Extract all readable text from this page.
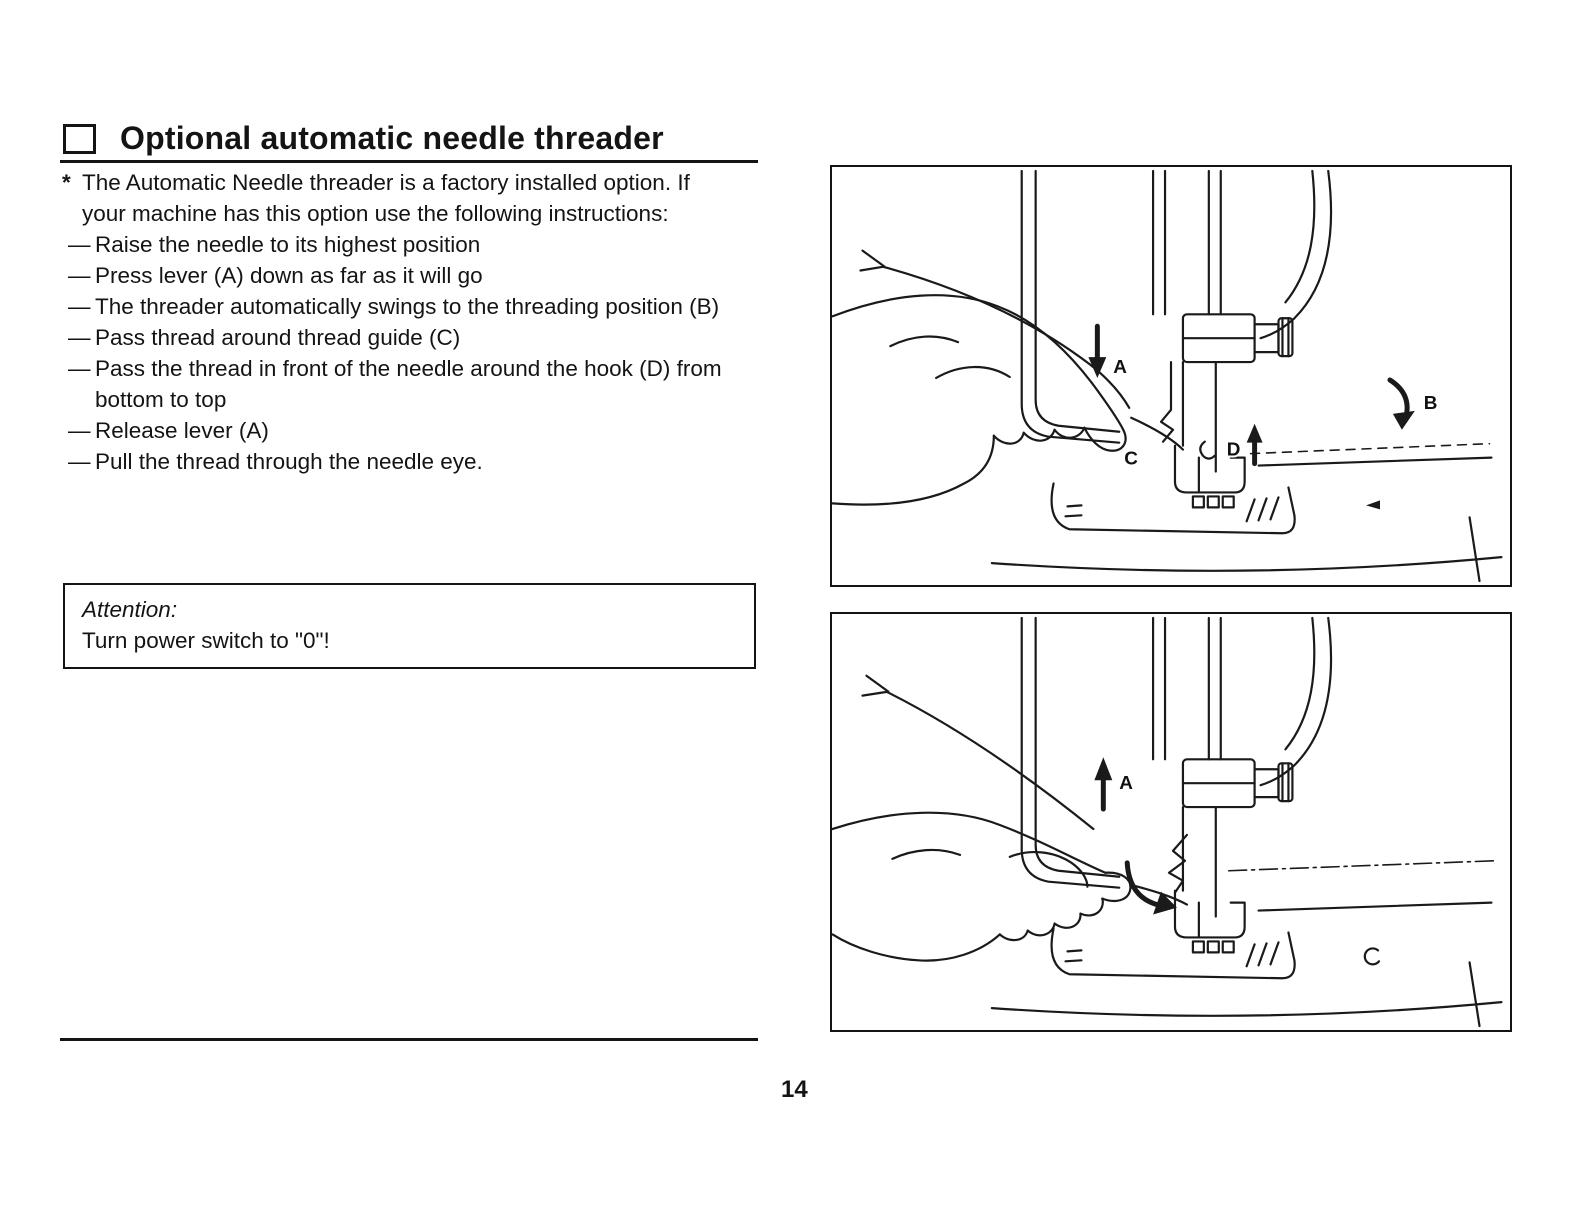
Optional automatic needle threader
* The Automatic Needle threader is a factory installed option. If your machine has this option use the following instructions:

— Raise the needle to its highest position
— Press lever (A) down as far as it will go
— The threader automatically swings to the threading position (B)
— Pass thread around thread guide (C)
— Pass the thread in front of the needle around the hook (D) from bottom to top
— Release lever (A)
— Pull the thread through the needle eye.

Attention:

Turn power switch to "0"!

A
B
C	D
A
14
